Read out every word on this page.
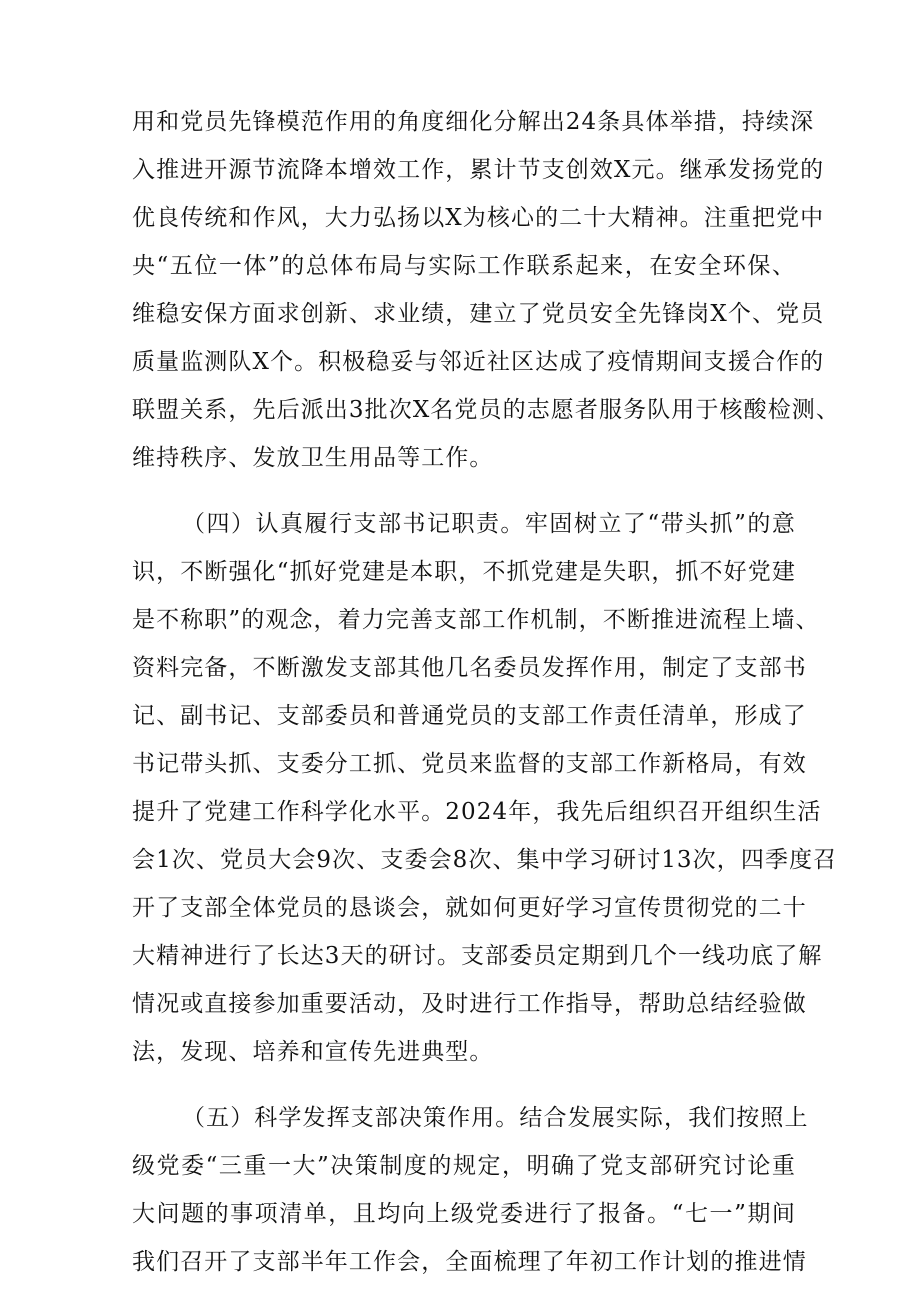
用和党员先锋模范作用的角度细化分解出24条具体举措，持续深
入推进开源节流降本增效工作，累计节支创效X元。继承发扬党的
优良传统和作风，大力弘扬以X为核心的二十大精神。注重把党中
央“五位一体”的总体布局与实际工作联系起来，在安全环保、
维稳安保方面求创新、求业绩，建立了党员安全先锋岗X个、党员
质量监测队X个。积极稳妥与邻近社区达成了疫情期间支援合作的
联盟关系，先后派出3批次X名党员的志愿者服务队用于核酸检测、
维持秩序、发放卫生用品等工作。
（四）认真履行支部书记职责。牢固树立了“带头抓”的意
识，不断强化“抓好党建是本职，不抓党建是失职，抓不好党建
是不称职”的观念，着力完善支部工作机制，不断推进流程上墙、
资料完备，不断激发支部其他几名委员发挥作用，制定了支部书
记、副书记、支部委员和普通党员的支部工作责任清单，形成了
书记带头抓、支委分工抓、党员来监督的支部工作新格局，有效
提升了党建工作科学化水平。2024年，我先后组织召开组织生活
会1次、党员大会9次、支委会8次、集中学习研讨13次，四季度召
开了支部全体党员的恳谈会，就如何更好学习宣传贯彻党的二十
大精神进行了长达3天的研讨。支部委员定期到几个一线功底了解
情况或直接参加重要活动，及时进行工作指导，帮助总结经验做
法，发现、培养和宣传先进典型。
（五）科学发挥支部决策作用。结合发展实际，我们按照上
级党委“三重一大”决策制度的规定，明确了党支部研究讨论重
大问题的事项清单，且均向上级党委进行了报备。“七一”期间
我们召开了支部半年工作会，全面梳理了年初工作计划的推进情
